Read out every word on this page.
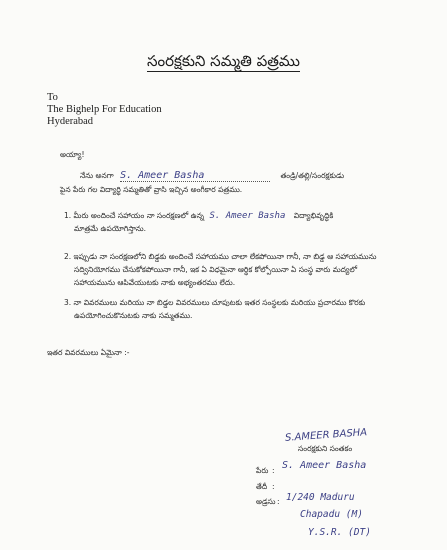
సంరక్షకుని సమ్మతి పత్రము
To
The Bighelp For Education
Hyderabad
అయ్యా!
నేను అనగా S. Ameer Basha	తండ్రి/తల్లి/సంరక్షకుడు
పైన పేరు గల విద్యార్థి సమ్మతితో వ్రాసి ఇచ్చిన అంగీకార పత్రము.
1. మీరు అందించే సహాయం నా సంరక్షణలో ఉన్న S. Ameer Basha విద్యాభివృద్ధికి
మాత్రమే ఉపయోగిస్తాను.
2. ఇప్పుడు నా సంరక్షణలోని బిడ్డకు అందించే సహాయము చాలా లేకపోయినా గానీ, నా బిడ్డ ఆ సహాయమును
సద్వినియోగము చేసుకోకపోయినా గానీ, ఇక ఏ విధమైనా ఆర్థిక కోల్పోయినా ఏ సంస్థ వారు మద్యలో
సహాయమును ఆపివేయుటకు నాకు అభ్యంతరము లేదు.
3. నా వివరములు మరియు నా బిడ్డల వివరములు చూపుటకు ఇతర సంస్థలకు మరియు ప్రచారము కొరకు
ఉపయోగించుకొనుటకు నాకు సమ్మతము.
ఇతర వివరములు ఏమైనా :-
S.AMEER BASHA
సంరక్షకుని సంతకం
పేరు : S. Ameer Basha
తేదీ :
అడ్రసు : 1/240 Maduru
Chapadu (M)
Y.S.R. (DT)
